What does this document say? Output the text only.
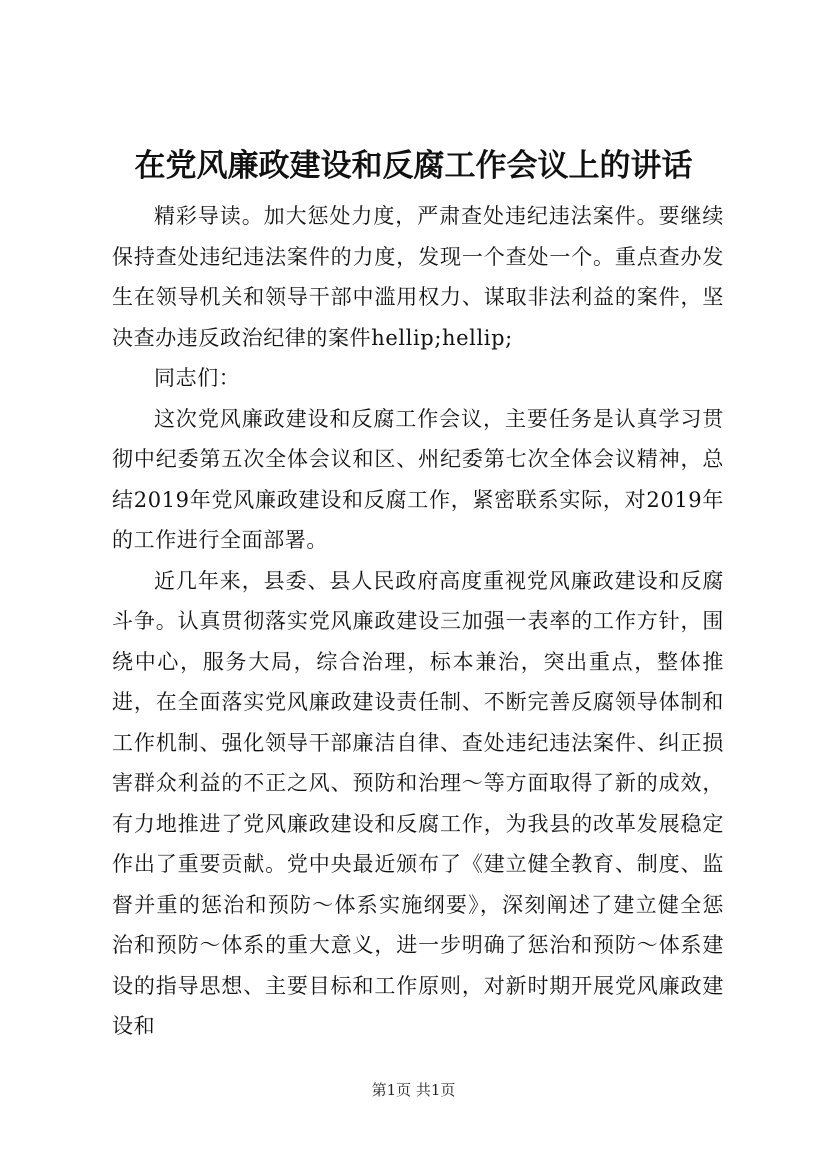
在党风廉政建设和反腐工作会议上的讲话

精彩导读。加大惩处力度，严肃查处违纪违法案件。要继续保持查处违纪违法案件的力度，发现一个查处一个。重点查办发生在领导机关和领导干部中滥用权力、谋取非法利益的案件，坚决查办违反政治纪律的案件hellip;hellip;

同志们：

这次党风廉政建设和反腐工作会议，主要任务是认真学习贯彻中纪委第五次全体会议和区、州纪委第七次全体会议精神，总结2019年党风廉政建设和反腐工作，紧密联系实际，对2019年的工作进行全面部署。

近几年来，县委、县人民政府高度重视党风廉政建设和反腐斗争。认真贯彻落实党风廉政建设三加强一表率的工作方针，围绕中心，服务大局，综合治理，标本兼治，突出重点，整体推进，在全面落实党风廉政建设责任制、不断完善反腐领导体制和工作机制、强化领导干部廉洁自律、查处违纪违法案件、纠正损害群众利益的不正之风、预防和治理～等方面取得了新的成效，有力地推进了党风廉政建设和反腐工作，为我县的改革发展稳定作出了重要贡献。党中央最近颁布了《建立健全教育、制度、监督并重的惩治和预防～体系实施纲要》，深刻阐述了建立健全惩治和预防～体系的重大意义，进一步明确了惩治和预防～体系建设的指导思想、主要目标和工作原则，对新时期开展党风廉政建设和

第1页 共1页
